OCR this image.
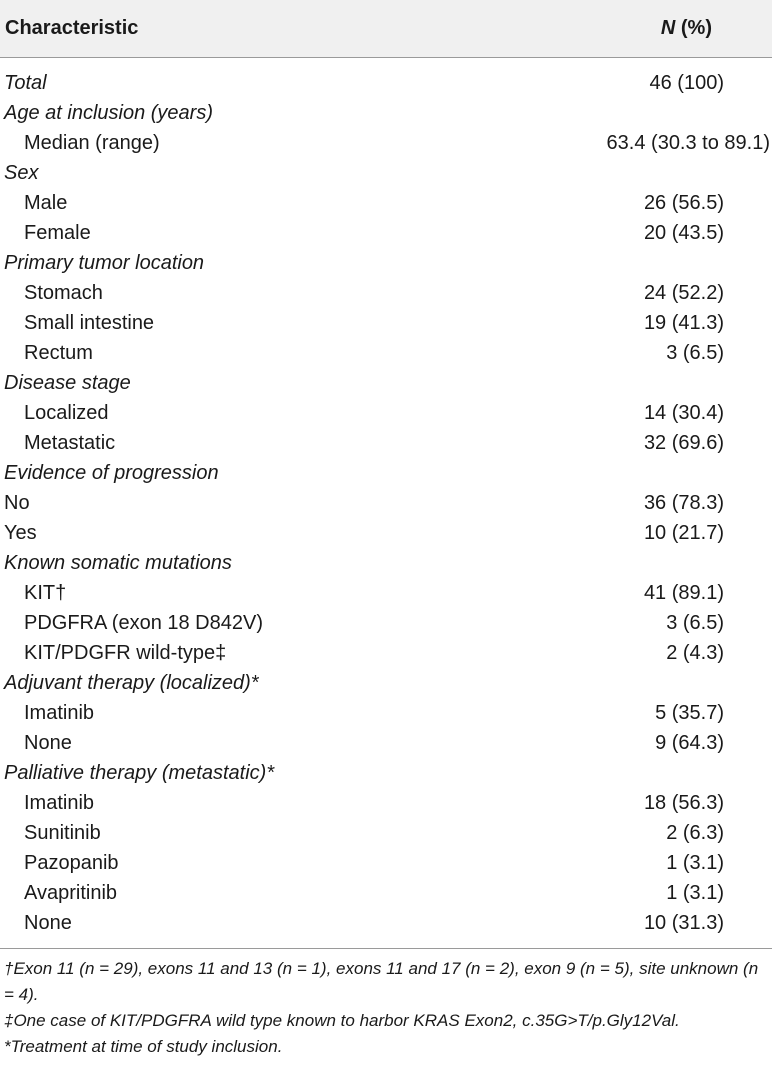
Characteristic	N (%)
Total	46 (100)
Age at inclusion (years)
Median (range)	63.4 (30.3 to 89.1)
Sex
Male	26 (56.5)
Female	20 (43.5)
Primary tumor location
Stomach	24 (52.2)
Small intestine	19 (41.3)
Rectum	3 (6.5)
Disease stage
Localized	14 (30.4)
Metastatic	32 (69.6)
Evidence of progression
No	36 (78.3)
Yes	10 (21.7)
Known somatic mutations
KIT†	41 (89.1)
PDGFRA (exon 18 D842V)	3 (6.5)
KIT/PDGFR wild-type‡	2 (4.3)
Adjuvant therapy (localized)*
Imatinib	5 (35.7)
None	9 (64.3)
Palliative therapy (metastatic)*
Imatinib	18 (56.3)
Sunitinib	2 (6.3)
Pazopanib	1 (3.1)
Avapritinib	1 (3.1)
None	10 (31.3)

†Exon 11 (n = 29), exons 11 and 13 (n = 1), exons 11 and 17 (n = 2), exon 9 (n = 5), site unknown (n = 4).

‡One case of KIT/PDGFRA wild type known to harbor KRAS Exon2, c.35G>T/p.Gly12Val.

*Treatment at time of study inclusion.
